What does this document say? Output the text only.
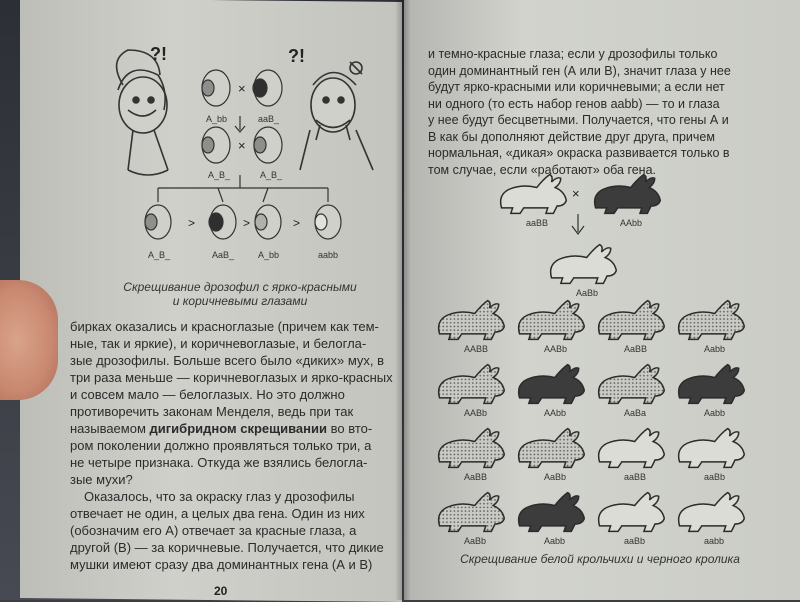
?!	?!
×
A_bb	aaB_
×
A_B_	A_B_
>	>	>
A_B_	AaB_	A_bb	aabb
Скрещивание дрозофил с ярко-красными
и коричневыми глазами
бирках оказались и красноглазые (причем как тем-
ные, так и яркие), и коричневоглазые, и белогла-
зые дрозофилы. Больше всего было «диких» мух, в
три раза меньше — коричневоглазых и ярко-красных
и совсем мало — белоглазых. Но это должно
противоречить законам Менделя, ведь при так
называемом дигибридном скрещивании во вто-
ром поколении должно проявляться только три, а
не четыре признака. Откуда же взялись белогла-
зые мухи?
Оказалось, что за окраску глаз у дрозофилы
отвечает не один, а целых два гена. Один из них
(обозначим его А) отвечает за красные глаза, а
другой (В) — за коричневые. Получается, что дикие
мушки имеют сразу два доминантных гена (А и В)
20
и темно-красные глаза; если у дрозофилы только
один доминантный ген (А или В), значит глаза у нее
будут ярко-красными или коричневыми; а если нет
ни одного (то есть набор генов aabb) — то и глаза
у нее будут бесцветными. Получается, что гены А и
В как бы дополняют действие друг друга, причем
нормальная, «дикая» окраска развивается только в
том случае, если «работают» оба гена.
aaBB	AAbb
AaBb
AABB	AABb	AaBB	Aabb
AABb	AAbb	AaBa	Aabb
AaBB	AaBb	aaBB	aaBb
AaBb	Aabb	aaBb	aabb
×
Скрещивание белой крольчихи и черного кролика
